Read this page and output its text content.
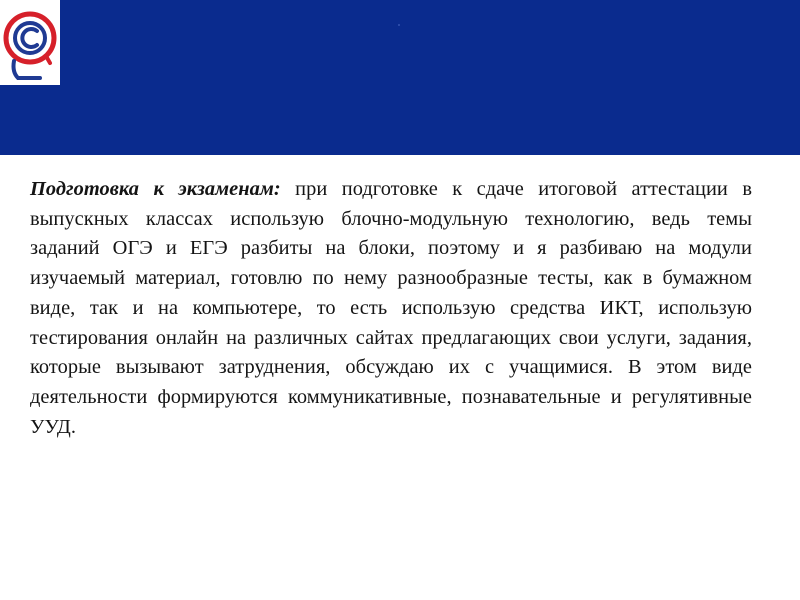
Подготовка к экзаменам: при подготовке к сдаче итоговой аттестации в выпускных классах использую блочно-модульную технологию, ведь темы заданий ОГЭ и ЕГЭ разбиты на блоки, поэтому и я разбиваю на модули изучаемый материал, готовлю по нему разнообразные тесты, как в бумажном виде, так и на компьютере, то есть использую средства ИКТ, использую тестирования онлайн на различных сайтах предлагающих свои услуги, задания, которые вызывают затруднения, обсуждаю их с учащимися. В этом виде деятельности формируются коммуникативные, познавательные и регулятивные УУД.
